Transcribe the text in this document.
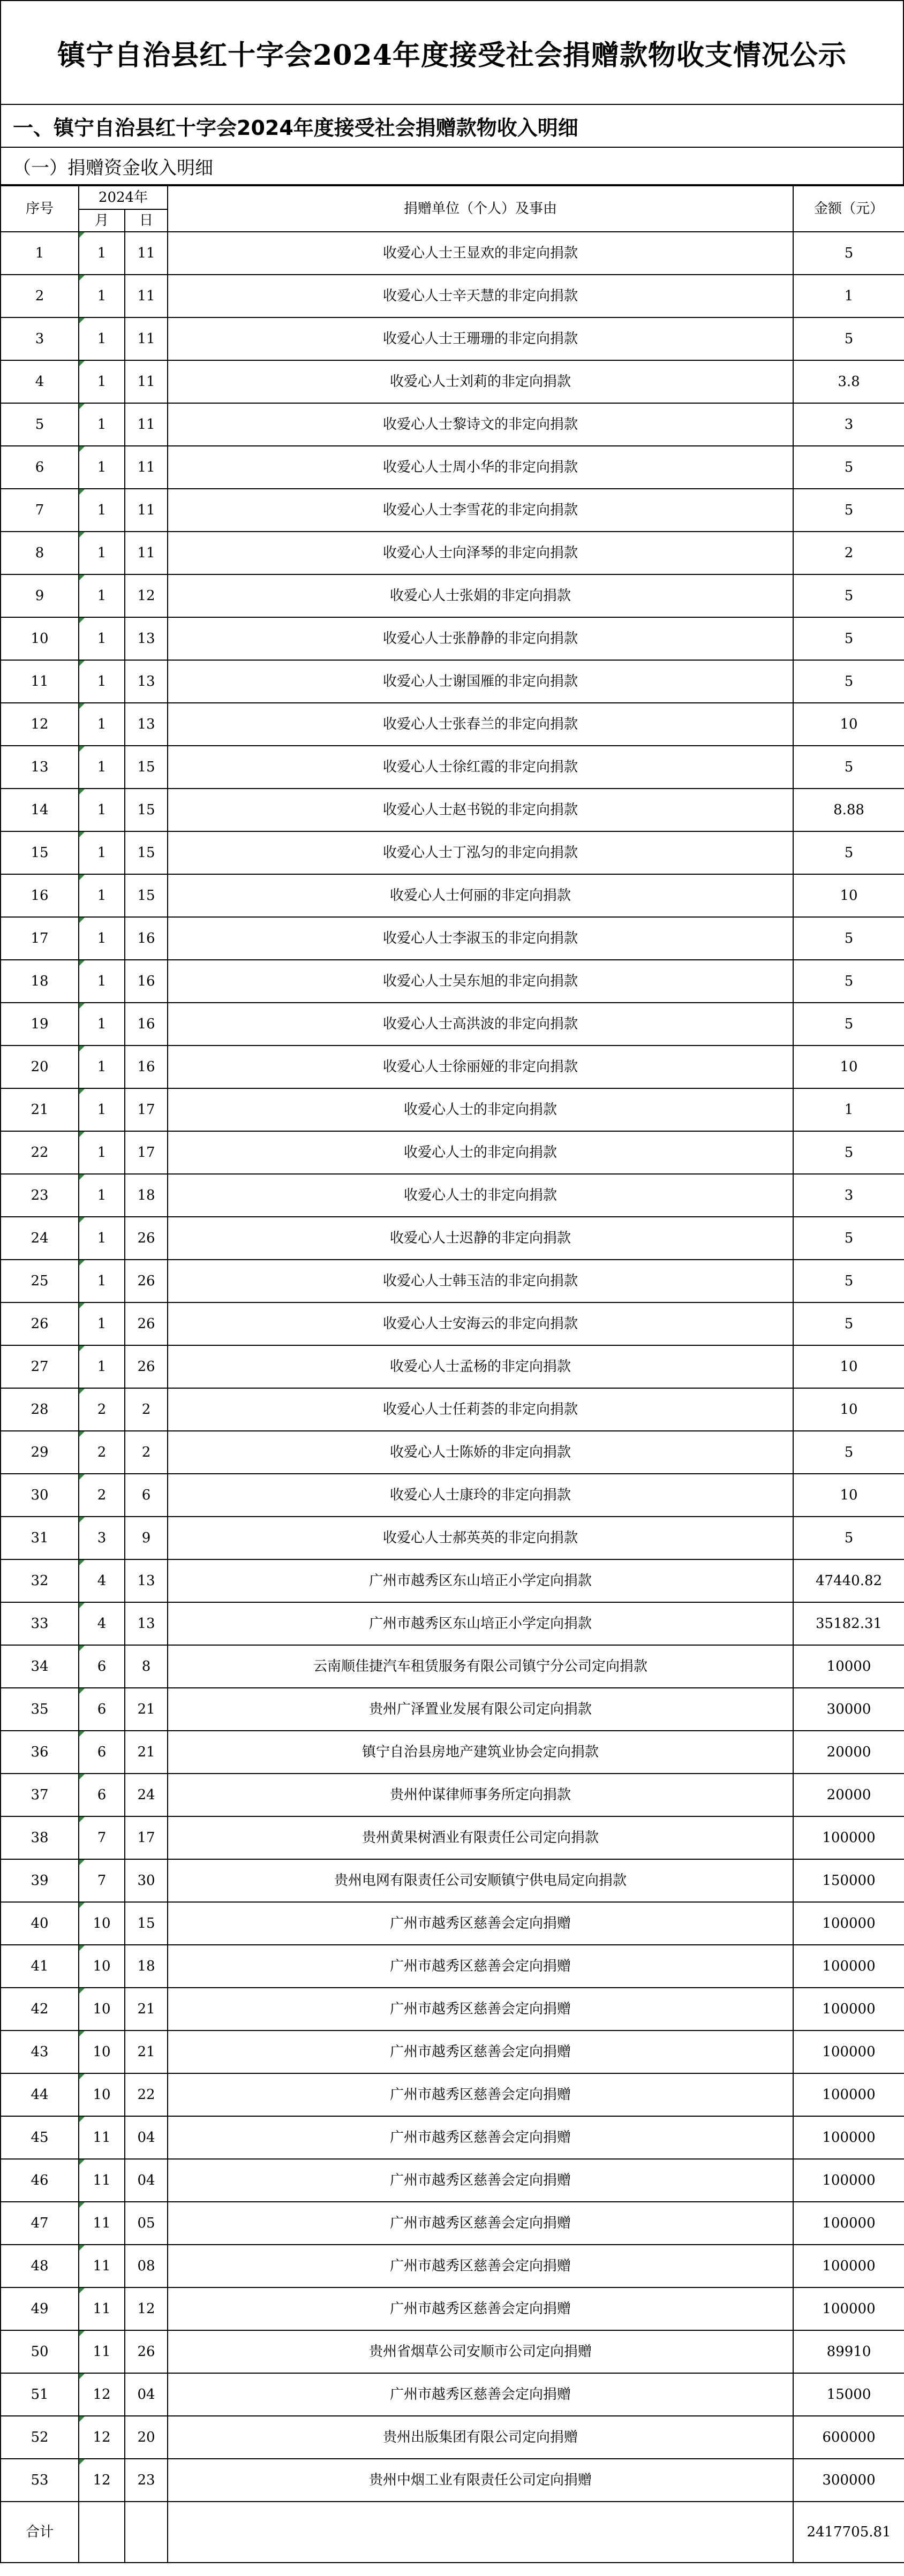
镇宁自治县红十字会2024年度接受社会捐赠款物收支情况公示
一、镇宁自治县红十字会2024年度接受社会捐赠款物收入明细
（一）捐赠资金收入明细
序号	2024年		捐赠单位（个人）及事由	金额（元）
	月	日		
1	1	11	收爱心人士王显欢的非定向捐款	5
2	1	11	收爱心人士辛天慧的非定向捐款	1
3	1	11	收爱心人士王珊珊的非定向捐款	5
4	1	11	收爱心人士刘莉的非定向捐款	3.8
5	1	11	收爱心人士黎诗文的非定向捐款	3
6	1	11	收爱心人士周小华的非定向捐款	5
7	1	11	收爱心人士李雪花的非定向捐款	5
8	1	11	收爱心人士向泽琴的非定向捐款	2
9	1	12	收爱心人士张娟的非定向捐款	5
10	1	13	收爱心人士张静静的非定向捐款	5
11	1	13	收爱心人士谢国雁的非定向捐款	5
12	1	13	收爱心人士张春兰的非定向捐款	10
13	1	15	收爱心人士徐红霞的非定向捐款	5
14	1	15	收爱心人士赵书锐的非定向捐款	8.88
15	1	15	收爱心人士丁泓匀的非定向捐款	5
16	1	15	收爱心人士何丽的非定向捐款	10
17	1	16	收爱心人士李淑玉的非定向捐款	5
18	1	16	收爱心人士吴东旭的非定向捐款	5
19	1	16	收爱心人士高洪波的非定向捐款	5
20	1	16	收爱心人士徐丽娅的非定向捐款	10
21	1	17	收爱心人士的非定向捐款	1
22	1	17	收爱心人士的非定向捐款	5
23	1	18	收爱心人士的非定向捐款	3
24	1	26	收爱心人士迟静的非定向捐款	5
25	1	26	收爱心人士韩玉洁的非定向捐款	5
26	1	26	收爱心人士安海云的非定向捐款	5
27	1	26	收爱心人士孟杨的非定向捐款	10
28	2	2	收爱心人士任莉荟的非定向捐款	10
29	2	2	收爱心人士陈娇的非定向捐款	5
30	2	6	收爱心人士康玲的非定向捐款	10
31	3	9	收爱心人士郝英英的非定向捐款	5
32	4	13	广州市越秀区东山培正小学定向捐款	47440.82
33	4	13	广州市越秀区东山培正小学定向捐款	35182.31
34	6	8	云南顺佳捷汽车租赁服务有限公司镇宁分公司定向捐款	10000
35	6	21	贵州广泽置业发展有限公司定向捐款	30000
36	6	21	镇宁自治县房地产建筑业协会定向捐款	20000
37	6	24	贵州仲谋律师事务所定向捐款	20000
38	7	17	贵州黄果树酒业有限责任公司定向捐款	100000
39	7	30	贵州电网有限责任公司安顺镇宁供电局定向捐款	150000
40	10	15	广州市越秀区慈善会定向捐赠	100000
41	10	18	广州市越秀区慈善会定向捐赠	100000
42	10	21	广州市越秀区慈善会定向捐赠	100000
43	10	21	广州市越秀区慈善会定向捐赠	100000
44	10	22	广州市越秀区慈善会定向捐赠	100000
45	11	04	广州市越秀区慈善会定向捐赠	100000
46	11	04	广州市越秀区慈善会定向捐赠	100000
47	11	05	广州市越秀区慈善会定向捐赠	100000
48	11	08	广州市越秀区慈善会定向捐赠	100000
49	11	12	广州市越秀区慈善会定向捐赠	100000
50	11	26	贵州省烟草公司安顺市公司定向捐赠	89910
51	12	04	广州市越秀区慈善会定向捐赠	15000
52	12	20	贵州出版集团有限公司定向捐赠	600000
53	12	23	贵州中烟工业有限责任公司定向捐赠	300000
合计				2417705.81
